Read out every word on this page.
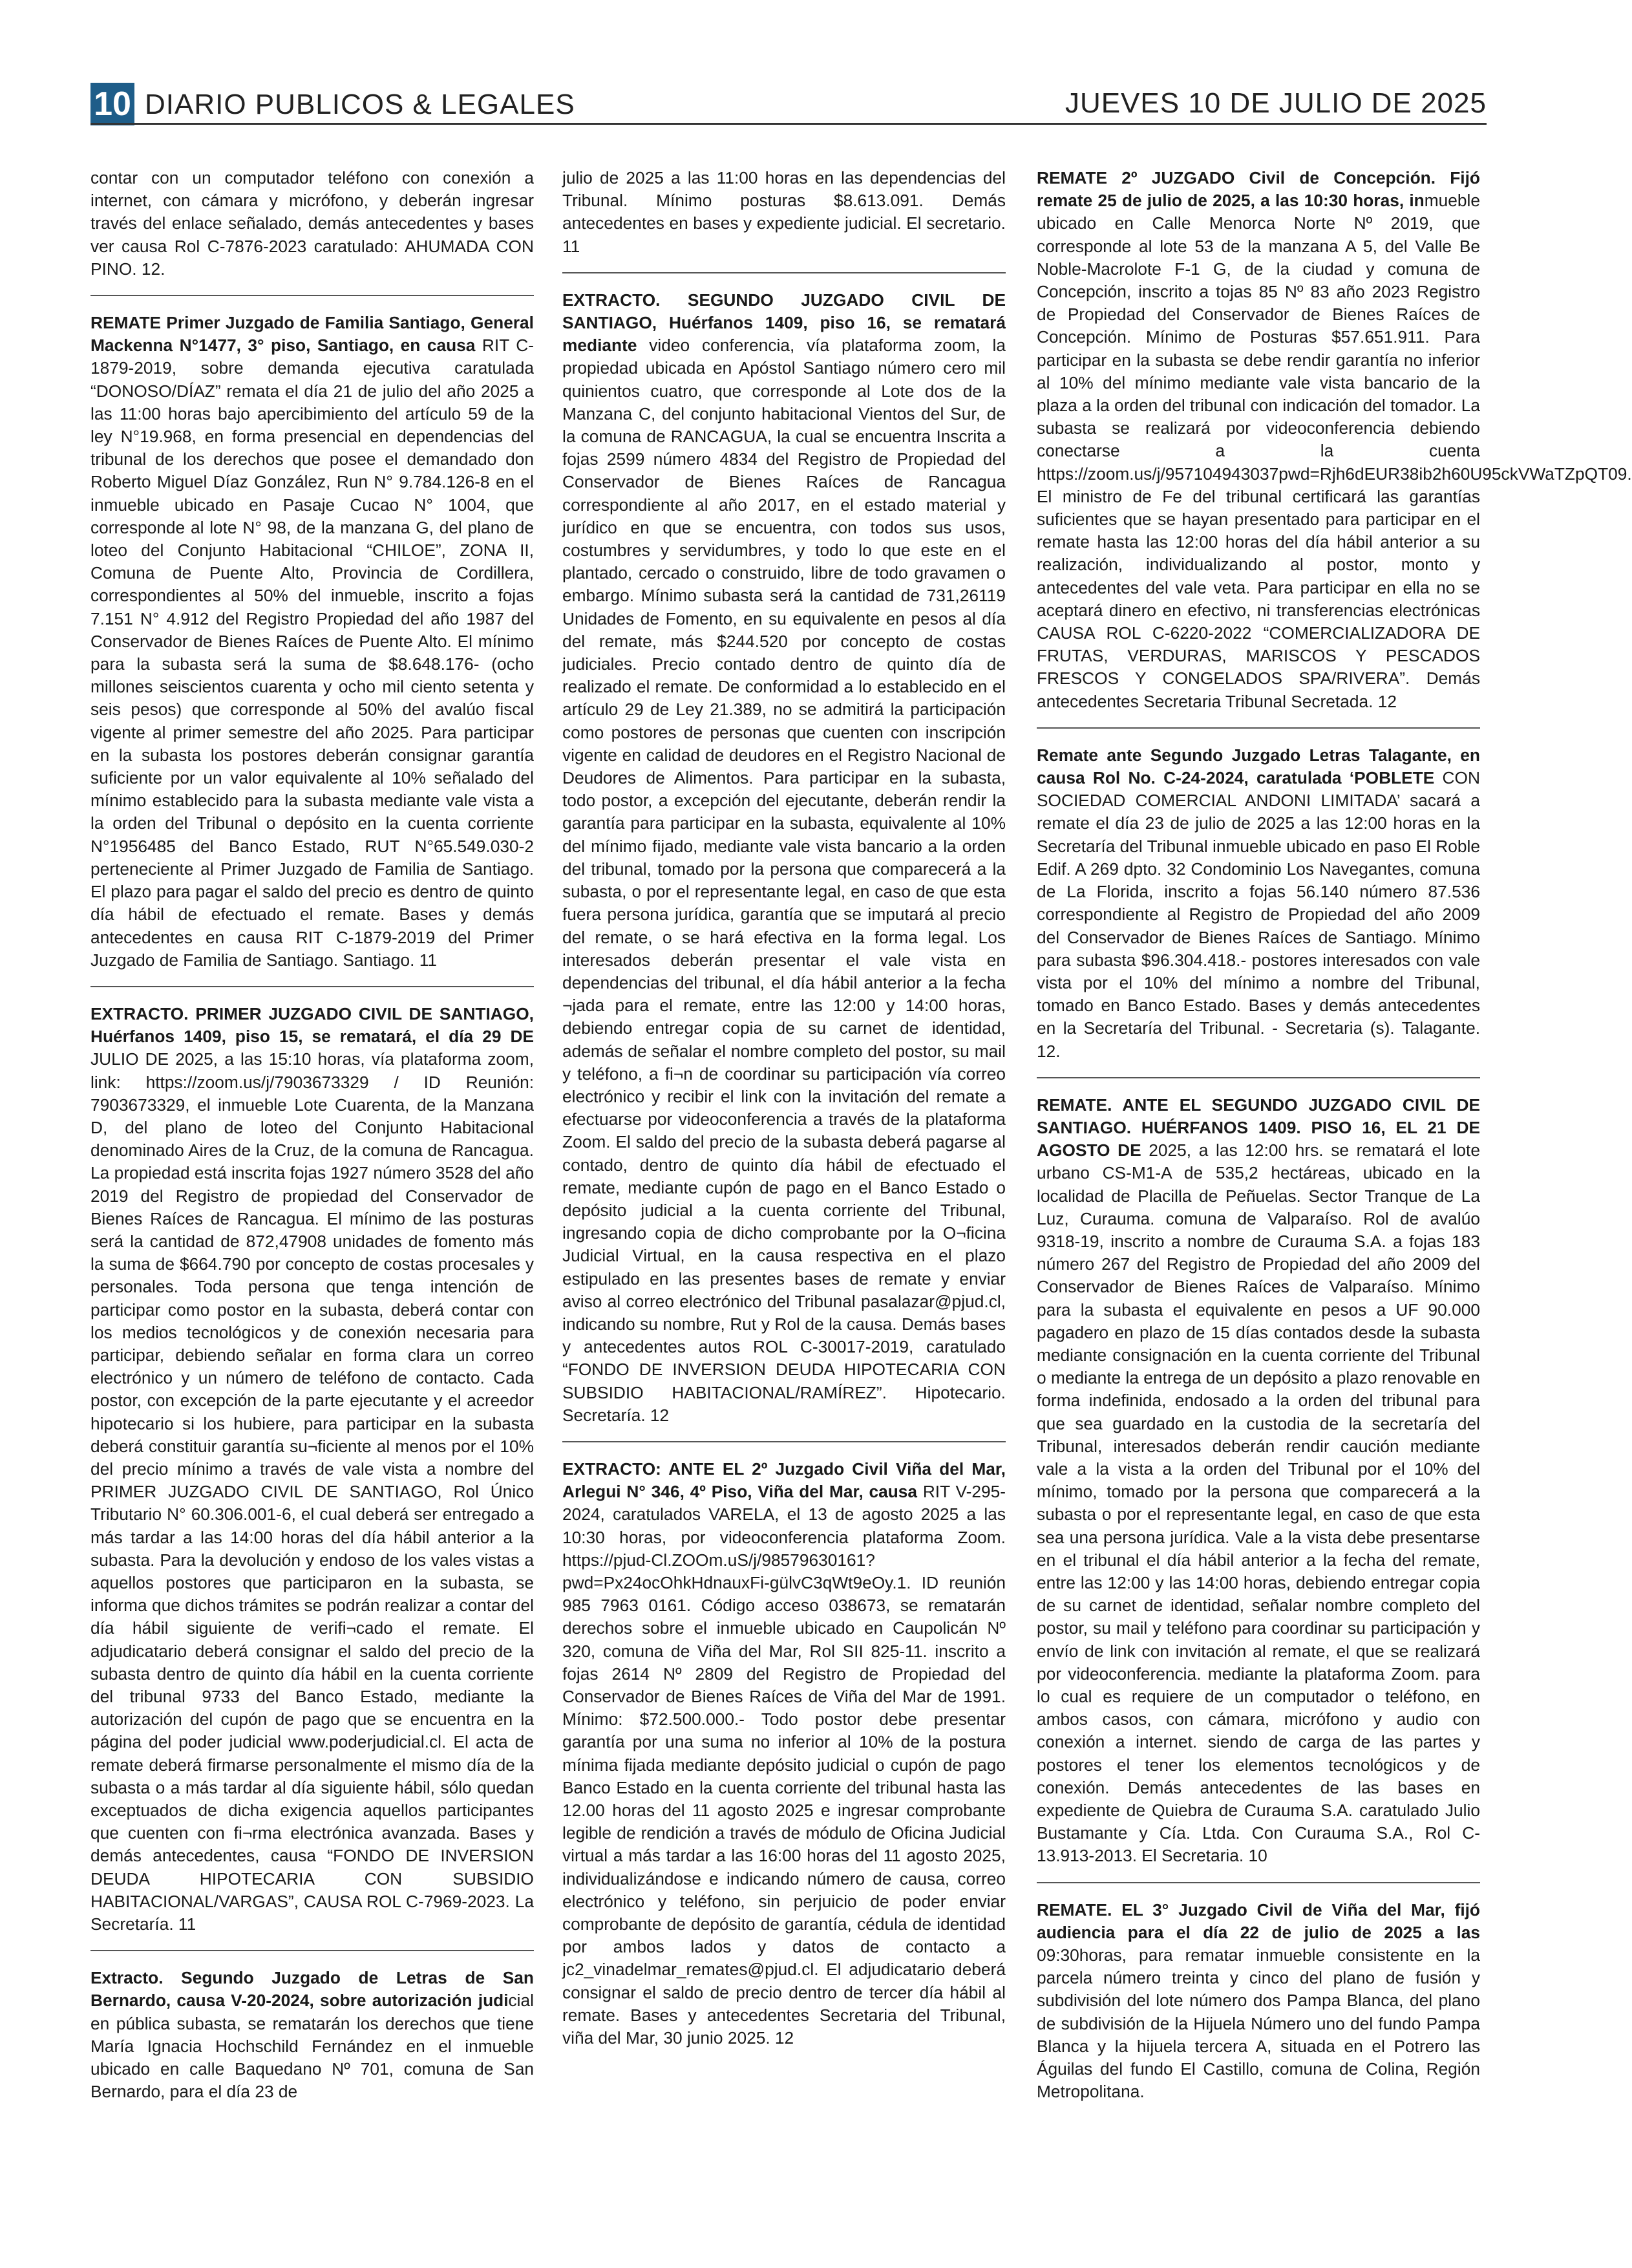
10 DIARIO PUBLICOS & LEGALES	JUEVES 10 DE JULIO DE 2025

contar con un computador teléfono con conexión a internet, con cámara y micrófono, y deberán ingresar través del enlace señalado, demás antecedentes y bases ver causa Rol C-7876-2023 caratulado: AHUMADA CON PINO. 12.

REMATE Primer Juzgado de Familia Santiago, General Mackenna N°1477, 3° piso, Santiago, en causa RIT C-1879-2019, sobre demanda ejecutiva caratulada “DONOSO/DÍAZ” remata el día 21 de julio del año 2025 a las 11:00 horas bajo apercibimiento del artículo 59 de la ley N°19.968, en forma presencial en dependencias del tribunal de los derechos que posee el demandado don Roberto Miguel Díaz González, Run N° 9.784.126-8 en el inmueble ubicado en Pasaje Cucao N° 1004, que corresponde al lote N° 98, de la manzana G, del plano de loteo del Conjunto Habitacional “CHILOE”, ZONA II, Comuna de Puente Alto, Provincia de Cordillera, correspondientes al 50% del inmueble, inscrito a fojas 7.151 N° 4.912 del Registro Propiedad del año 1987 del Conservador de Bienes Raíces de Puente Alto. El mínimo para la subasta será la suma de $8.648.176- (ocho millones seiscientos cuarenta y ocho mil ciento setenta y seis pesos) que corresponde al 50% del avalúo fiscal vigente al primer semestre del año 2025. Para participar en la subasta los postores deberán consignar garantía suficiente por un valor equivalente al 10% señalado del mínimo establecido para la subasta mediante vale vista a la orden del Tribunal o depósito en la cuenta corriente N°1956485 del Banco Estado, RUT N°65.549.030-2 perteneciente al Primer Juzgado de Familia de Santiago. El plazo para pagar el saldo del precio es dentro de quinto día hábil de efectuado el remate. Bases y demás antecedentes en causa RIT C-1879-2019 del Primer Juzgado de Familia de Santiago. Santiago. 11

EXTRACTO. PRIMER JUZGADO CIVIL DE SANTIAGO, Huérfanos 1409, piso 15, se rematará, el día 29 DE JULIO DE 2025, a las 15:10 horas, vía plataforma zoom, link: https://zoom.us/j/7903673329 / ID Reunión: 7903673329, el inmueble Lote Cuarenta, de la Manzana D, del plano de loteo del Conjunto Habitacional denominado Aires de la Cruz, de la comuna de Rancagua. La propiedad está inscrita fojas 1927 número 3528 del año 2019 del Registro de propiedad del Conservador de Bienes Raíces de Rancagua. El mínimo de las posturas será la cantidad de 872,47908 unidades de fomento más la suma de $664.790 por concepto de costas procesales y personales. Toda persona que tenga intención de participar como postor en la subasta, deberá contar con los medios tecnológicos y de conexión necesaria para participar, debiendo señalar en forma clara un correo electrónico y un número de teléfono de contacto. Cada postor, con excepción de la parte ejecutante y el acreedor hipotecario si los hubiere, para participar en la subasta deberá constituir garantía su¬ficiente al menos por el 10% del precio mínimo a través de vale vista a nombre del PRIMER JUZGADO CIVIL DE SANTIAGO, Rol Único Tributario N° 60.306.001-6, el cual deberá ser entregado a más tardar a las 14:00 horas del día hábil anterior a la subasta. Para la devolución y endoso de los vales vistas a aquellos postores que participaron en la subasta, se informa que dichos trámites se podrán realizar a contar del día hábil siguiente de verifi¬cado el remate. El adjudicatario deberá consignar el saldo del precio de la subasta dentro de quinto día hábil en la cuenta corriente del tribunal 9733 del Banco Estado, mediante la autorización del cupón de pago que se encuentra en la página del poder judicial www.poderjudicial.cl. El acta de remate deberá firmarse personalmente el mismo día de la subasta o a más tardar al día siguiente hábil, sólo quedan exceptuados de dicha exigencia aquellos participantes que cuenten con fi¬rma electrónica avanzada. Bases y demás antecedentes, causa “FONDO DE INVERSION DEUDA HIPOTECARIA CON SUBSIDIO HABITACIONAL/VARGAS”, CAUSA ROL C-7969-2023. La Secretaría. 11

Extracto. Segundo Juzgado de Letras de San Bernardo, causa V-20-2024, sobre autorización judicial en pública subasta, se rematarán los derechos que tiene María Ignacia Hochschild Fernández en el inmueble ubicado en calle Baquedano Nº 701, comuna de San Bernardo, para el día 23 de

julio de 2025 a las 11:00 horas en las dependencias del Tribunal. Mínimo posturas $8.613.091. Demás antecedentes en bases y expediente judicial. El secretario. 11

EXTRACTO. SEGUNDO JUZGADO CIVIL DE SANTIAGO, Huérfanos 1409, piso 16, se rematará mediante video conferencia, vía plataforma zoom, la propiedad ubicada en Apóstol Santiago número cero mil quinientos cuatro, que corresponde al Lote dos de la Manzana C, del conjunto habitacional Vientos del Sur, de la comuna de RANCAGUA, la cual se encuentra Inscrita a fojas 2599 número 4834 del Registro de Propiedad del Conservador de Bienes Raíces de Rancagua correspondiente al año 2017, en el estado material y jurídico en que se encuentra, con todos sus usos, costumbres y servidumbres, y todo lo que este en el plantado, cercado o construido, libre de todo gravamen o embargo. Mínimo subasta será la cantidad de 731,26119 Unidades de Fomento, en su equivalente en pesos al día del remate, más $244.520 por concepto de costas judiciales. Precio contado dentro de quinto día de realizado el remate. De conformidad a lo establecido en el artículo 29 de Ley 21.389, no se admitirá la participación como postores de personas que cuenten con inscripción vigente en calidad de deudores en el Registro Nacional de Deudores de Alimentos. Para participar en la subasta, todo postor, a excepción del ejecutante, deberán rendir la garantía para participar en la subasta, equivalente al 10% del mínimo fijado, mediante vale vista bancario a la orden del tribunal, tomado por la persona que comparecerá a la subasta, o por el representante legal, en caso de que esta fuera persona jurídica, garantía que se imputará al precio del remate, o se hará efectiva en la forma legal. Los interesados deberán presentar el vale vista en dependencias del tribunal, el día hábil anterior a la fecha ¬jada para el remate, entre las 12:00 y 14:00 horas, debiendo entregar copia de su carnet de identidad, además de señalar el nombre completo del postor, su mail y teléfono, a fi¬n de coordinar su participación vía correo electrónico y recibir el link con la invitación del remate a efectuarse por videoconferencia a través de la plataforma Zoom. El saldo del precio de la subasta deberá pagarse al contado, dentro de quinto día hábil de efectuado el remate, mediante cupón de pago en el Banco Estado o depósito judicial a la cuenta corriente del Tribunal, ingresando copia de dicho comprobante por la O¬ficina Judicial Virtual, en la causa respectiva en el plazo estipulado en las presentes bases de remate y enviar aviso al correo electrónico del Tribunal pasalazar@pjud.cl, indicando su nombre, Rut y Rol de la causa. Demás bases y antecedentes autos ROL C-30017-2019, caratulado “FONDO DE INVERSION DEUDA HIPOTECARIA CON SUBSIDIO HABITACIONAL/RAMÍREZ”. Hipotecario. Secretaría. 12

EXTRACTO: ANTE EL 2º Juzgado Civil Viña del Mar, Arlegui N° 346, 4º Piso, Viña del Mar, causa RIT V-295-2024, caratulados VARELA, el 13 de agosto 2025 a las 10:30 horas, por videoconferencia plataforma Zoom. https://pjud-Cl.ZOOm.uS/j/98579630161?pwd=Px24ocOhkHdnauxFi-gülvC3qWt9eOy.1. ID reunión 985 7963 0161. Código acceso 038673, se rematarán derechos sobre el inmueble ubicado en Caupolicán Nº 320, comuna de Viña del Mar, Rol SII 825-11. inscrito a fojas 2614 Nº 2809 del Registro de Propiedad del Conservador de Bienes Raíces de Viña del Mar de 1991. Mínimo: $72.500.000.- Todo postor debe presentar garantía por una suma no inferior al 10% de la postura mínima fijada mediante depósito judicial o cupón de pago Banco Estado en la cuenta corriente del tribunal hasta las 12.00 horas del 11 agosto 2025 e ingresar comprobante legible de rendición a través de módulo de Oficina Judicial virtual a más tardar a las 16:00 horas del 11 agosto 2025, individualizándose e indicando número de causa, correo electrónico y teléfono, sin perjuicio de poder enviar comprobante de depósito de garantía, cédula de identidad por ambos lados y datos de contacto a jc2_vinadelmar_remates@pjud.cl. El adjudicatario deberá consignar el saldo de precio dentro de tercer día hábil al remate. Bases y antecedentes Secretaria del Tribunal, viña del Mar, 30 junio 2025. 12

REMATE 2º JUZGADO Civil de Concepción. Fijó remate 25 de julio de 2025, a las 10:30 horas, inmueble ubicado en Calle Menorca Norte Nº 2019, que corresponde al lote 53 de la manzana A 5, del Valle Be Noble-Macrolote F-1 G, de la ciudad y comuna de Concepción, inscrito a tojas 85 Nº 83 año 2023 Registro de Propiedad del Conservador de Bienes Raíces de Concepción. Mínimo de Posturas $57.651.911. Para participar en la subasta se debe rendir garantía no inferior al 10% del mínimo mediante vale vista bancario de la plaza a la orden del tribunal con indicación del tomador. La subasta se realizará por videoconferencia debiendo conectarse a la cuenta https://zoom.us/j/957104943037pwd=Rjh6dEUR38ib2h60U95ckVWaTZpQT09. El ministro de Fe del tribunal certificará las garantías suficientes que se hayan presentado para participar en el remate hasta las 12:00 horas del día hábil anterior a su realización, individualizando al postor, monto y antecedentes del vale veta. Para participar en ella no se aceptará dinero en efectivo, ni transferencias electrónicas CAUSA ROL C-6220-2022 “COMERCIALIZADORA DE FRUTAS, VERDURAS, MARISCOS Y PESCADOS FRESCOS Y CONGELADOS SPA/RIVERA”. Demás antecedentes Secretaria Tribunal Secretada. 12

Remate ante Segundo Juzgado Letras Talagante, en causa Rol No. C-24-2024, caratulada ‘POBLETE CON SOCIEDAD COMERCIAL ANDONI LIMITADA’ sacará a remate el día 23 de julio de 2025 a las 12:00 horas en la Secretaría del Tribunal inmueble ubicado en paso El Roble Edif. A 269 dpto. 32 Condominio Los Navegantes, comuna de La Florida, inscrito a fojas 56.140 número 87.536 correspondiente al Registro de Propiedad del año 2009 del Conservador de Bienes Raíces de Santiago. Mínimo para subasta $96.304.418.- postores interesados con vale vista por el 10% del mínimo a nombre del Tribunal, tomado en Banco Estado. Bases y demás antecedentes en la Secretaría del Tribunal. - Secretaria (s). Talagante. 12.

REMATE. ANTE EL SEGUNDO JUZGADO CIVIL DE SANTIAGO. HUÉRFANOS 1409. PISO 16, EL 21 DE AGOSTO DE 2025, a las 12:00 hrs. se rematará el lote urbano CS-M1-A de 535,2 hectáreas, ubicado en la localidad de Placilla de Peñuelas. Sector Tranque de La Luz, Curauma. comuna de Valparaíso. Rol de avalúo 9318-19, inscrito a nombre de Curauma S.A. a fojas 183 número 267 del Registro de Propiedad del año 2009 del Conservador de Bienes Raíces de Valparaíso. Mínimo para la subasta el equivalente en pesos a UF 90.000 pagadero en plazo de 15 días contados desde la subasta mediante consignación en la cuenta corriente del Tribunal o mediante la entrega de un depósito a plazo renovable en forma indefinida, endosado a la orden del tribunal para que sea guardado en la custodia de la secretaría del Tribunal, interesados deberán rendir caución mediante vale a la vista a la orden del Tribunal por el 10% del mínimo, tomado por la persona que comparecerá a la subasta o por el representante legal, en caso de que esta sea una persona jurídica. Vale a la vista debe presentarse en el tribunal el día hábil anterior a la fecha del remate, entre las 12:00 y las 14:00 horas, debiendo entregar copia de su carnet de identidad, señalar nombre completo del postor, su mail y teléfono para coordinar su participación y envío de link con invitación al remate, el que se realizará por videoconferencia. mediante la plataforma Zoom. para lo cual es requiere de un computador o teléfono, en ambos casos, con cámara, micrófono y audio con conexión a internet. siendo de carga de las partes y postores el tener los elementos tecnológicos y de conexión. Demás antecedentes de las bases en expediente de Quiebra de Curauma S.A. caratulado Julio Bustamante y Cía. Ltda. Con Curauma S.A., Rol C-13.913-2013. El Secretaria. 10

REMATE. EL 3° Juzgado Civil de Viña del Mar, fijó audiencia para el día 22 de julio de 2025 a las 09:30horas, para rematar inmueble consistente en la parcela número treinta y cinco del plano de fusión y subdivisión del lote número dos Pampa Blanca, del plano de subdivisión de la Hijuela Número uno del fundo Pampa Blanca y la hijuela tercera A, situada en el Potrero las Águilas del fundo El Castillo, comuna de Colina, Región Metropolitana.
